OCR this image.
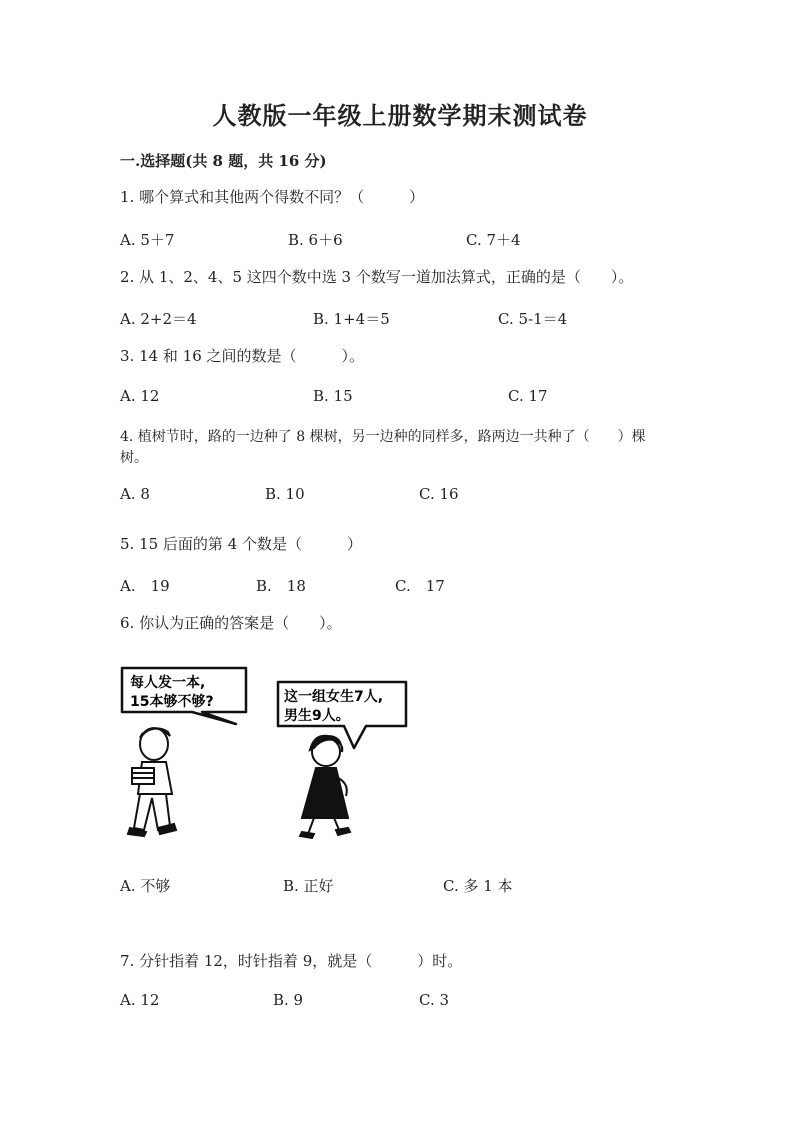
人教版一年级上册数学期末测试卷
一.选择题(共 8 题，共 16 分)
1. 哪个算式和其他两个得数不同？（　　　）
A. 5＋7	B. 6＋6	C. 7＋4
2. 从 1、2、4、5 这四个数中选 3 个数写一道加法算式，正确的是（　　）。
A. 2+2＝4	B. 1+4＝5	C. 5-1＝4
3. 14 和 16 之间的数是（　　　）。
A. 12	B. 15	C. 17
4. 植树节时，路的一边种了 8 棵树，另一边种的同样多，路两边一共种了（　　）棵
树。
A. 8	B. 10	C. 16
5. 15 后面的第 4 个数是（　　　）
A.　19	B.　18	C.　17
6. 你认为正确的答案是（　　）。
每人发一本,
15本够不够?	这一组女生7人,
男生9人。
A. 不够	B. 正好	C. 多 1 本
7. 分针指着 12，时针指着 9，就是（　　　）时。
A. 12	B. 9	C. 3
